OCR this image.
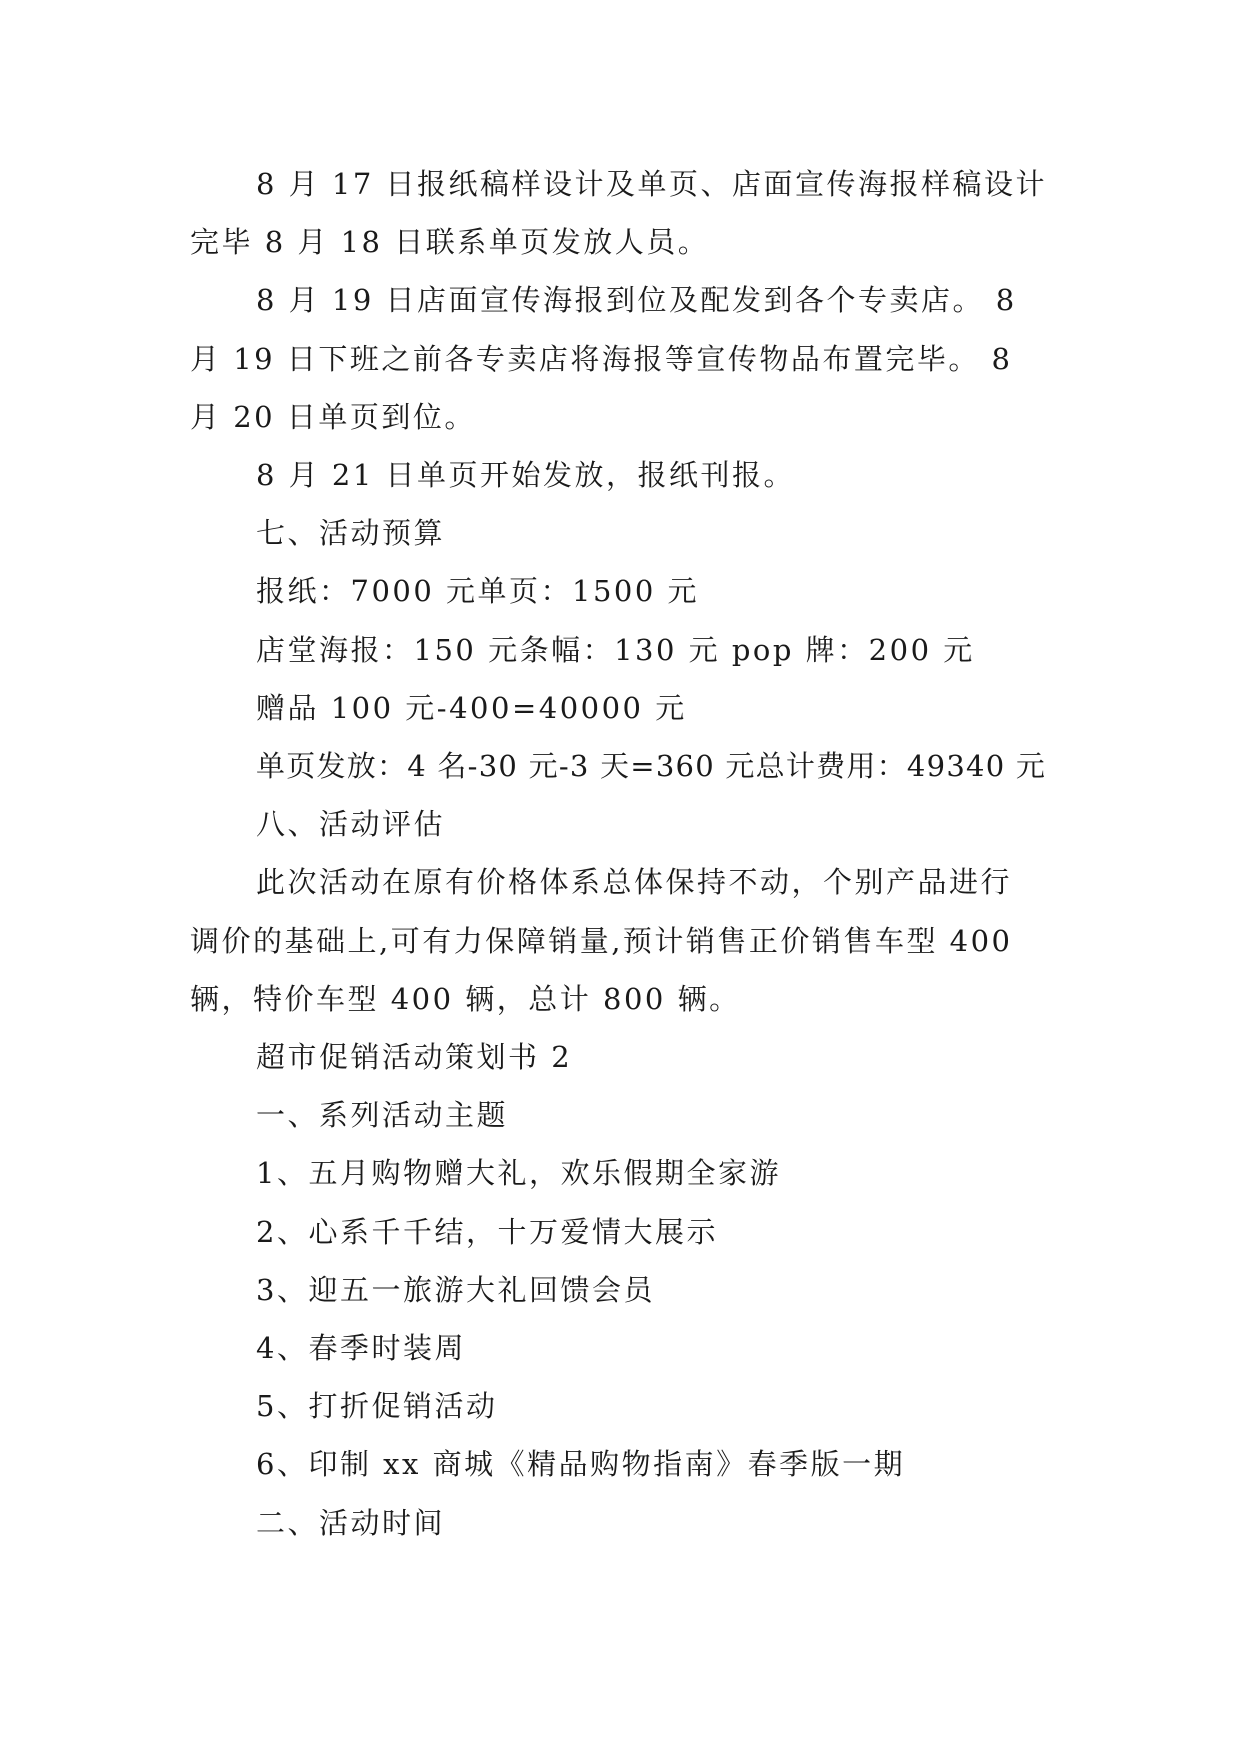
8 月 17 日报纸稿样设计及单页、店面宣传海报样稿设计
完毕 8 月 18 日联系单页发放人员。
8 月 19 日店面宣传海报到位及配发到各个专卖店。 8
月 19 日下班之前各专卖店将海报等宣传物品布置完毕。 8
月 20 日单页到位。
8 月 21 日单页开始发放，报纸刊报。
七、活动预算
报纸：7000 元单页：1500 元
店堂海报：150 元条幅：130 元 pop 牌：200 元
赠品 100 元-400=40000 元
单页发放：4 名-30 元-3 天=360 元总计费用：49340 元
八、活动评估
此次活动在原有价格体系总体保持不动，个别产品进行
调价的基础上,可有力保障销量,预计销售正价销售车型 400
辆，特价车型 400 辆，总计 800 辆。
超市促销活动策划书 2
一、系列活动主题
1、五月购物赠大礼，欢乐假期全家游
2、心系千千结，十万爱情大展示
3、迎五一旅游大礼回馈会员
4、春季时装周
5、打折促销活动
6、印制 xx 商城《精品购物指南》春季版一期
二、活动时间
